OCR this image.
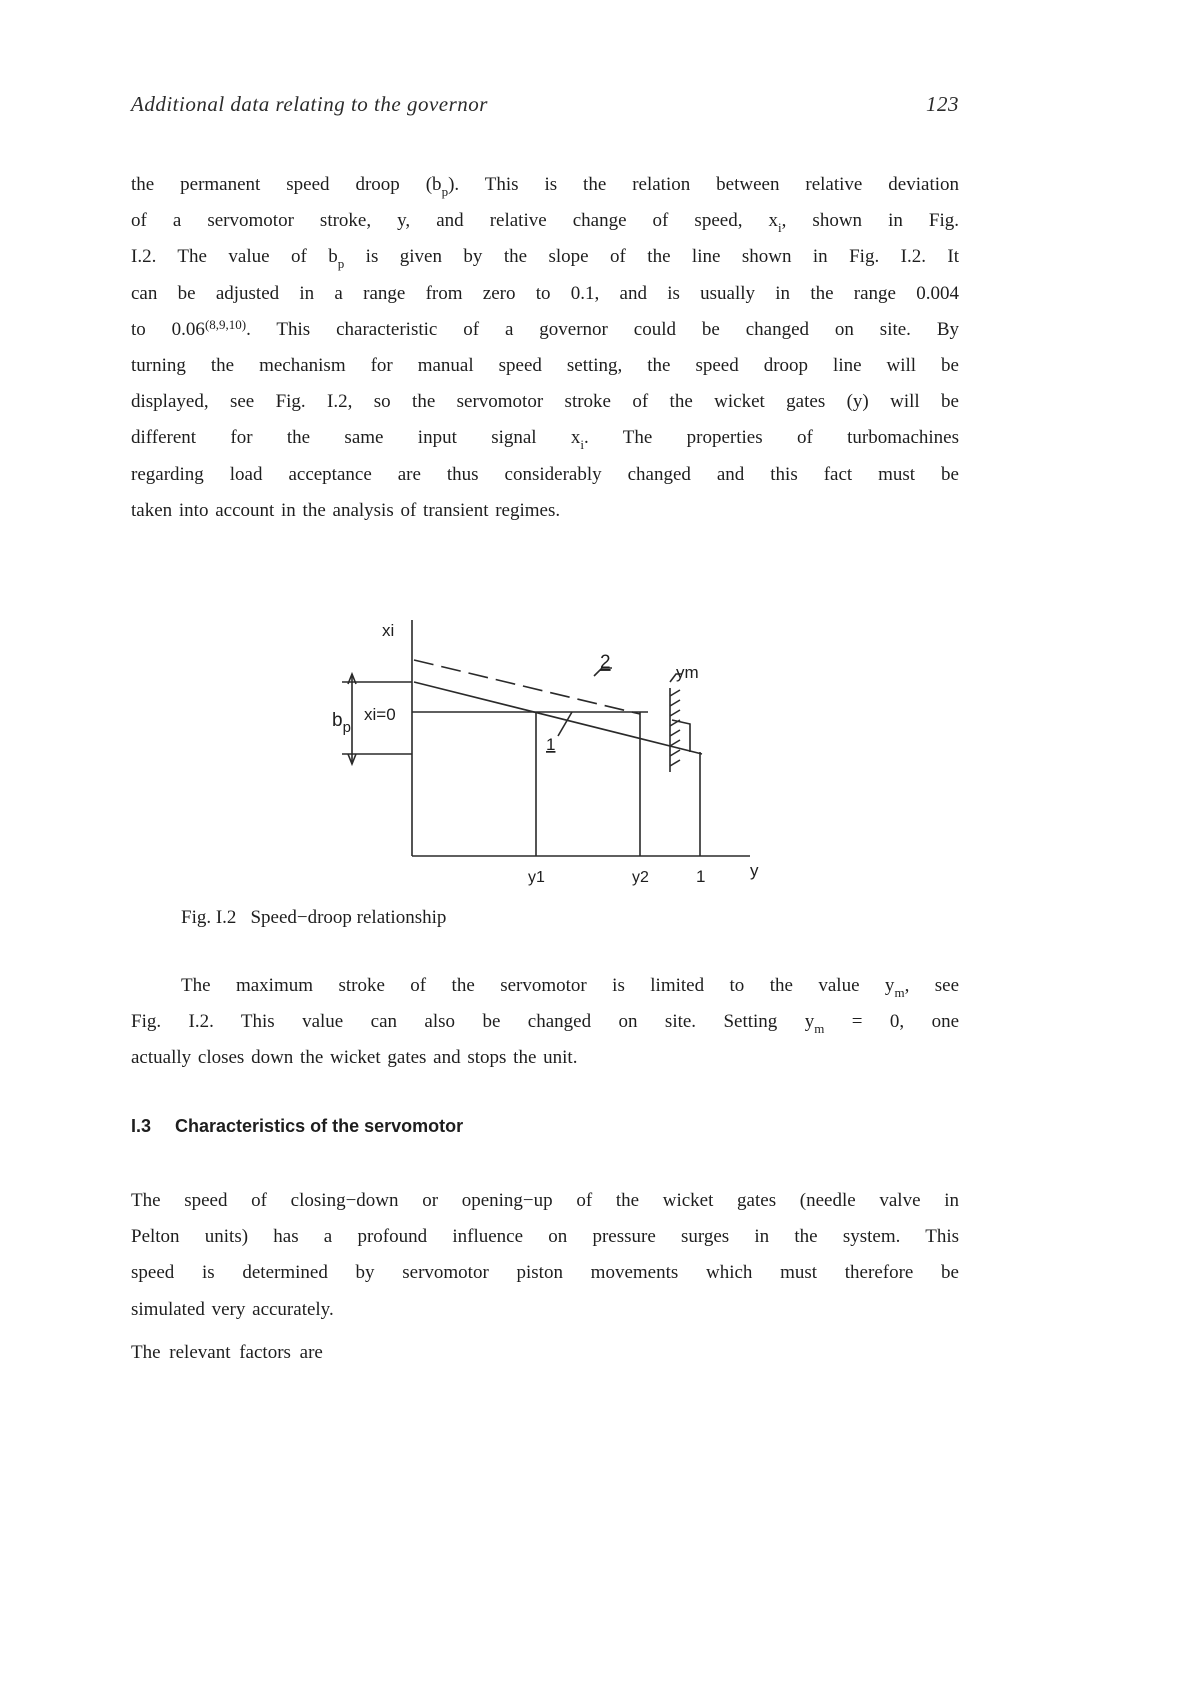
Additional data relating to the governor	123
the permanent speed droop $(b_p)$. This is the relation between relative deviation
of a servomotor stroke, y, and relative change of speed, $x_i$, shown in Fig.
I.2. The value of $b_p$ is given by the slope of the line shown in Fig. I.2. It
can be adjusted in a range from zero to 0.1, and is usually in the range 0.004
to 0.06$^{(8,9,10)}$. This characteristic of a governor could be changed on site. By
turning the mechanism for manual speed setting, the speed droop line will be
displayed, see Fig. I.2, so the servomotor stroke of the wicket gates (y) will be
different for the same input signal $x_i$. The properties of turbomachines
regarding load acceptance are thus considerably changed and this fact must be
taken into account in the analysis of transient regimes.
xi
$b_p$
xi=0
1
2	ym
y1	y2	1	y
Fig. I.2 Speed−droop relationship
The maximum stroke of the servomotor is limited to the value $y_m$, see
Fig. I.2. This value can also be changed on site. Setting $y_m = 0$, one
actually closes down the wicket gates and stops the unit.
I.3 Characteristics of the servomotor
The speed of closing−down or opening−up of the wicket gates (needle valve in
Pelton units) has a profound influence on pressure surges in the system. This
speed is determined by servomotor piston movements which must therefore be
simulated very accurately.
The relevant factors are
